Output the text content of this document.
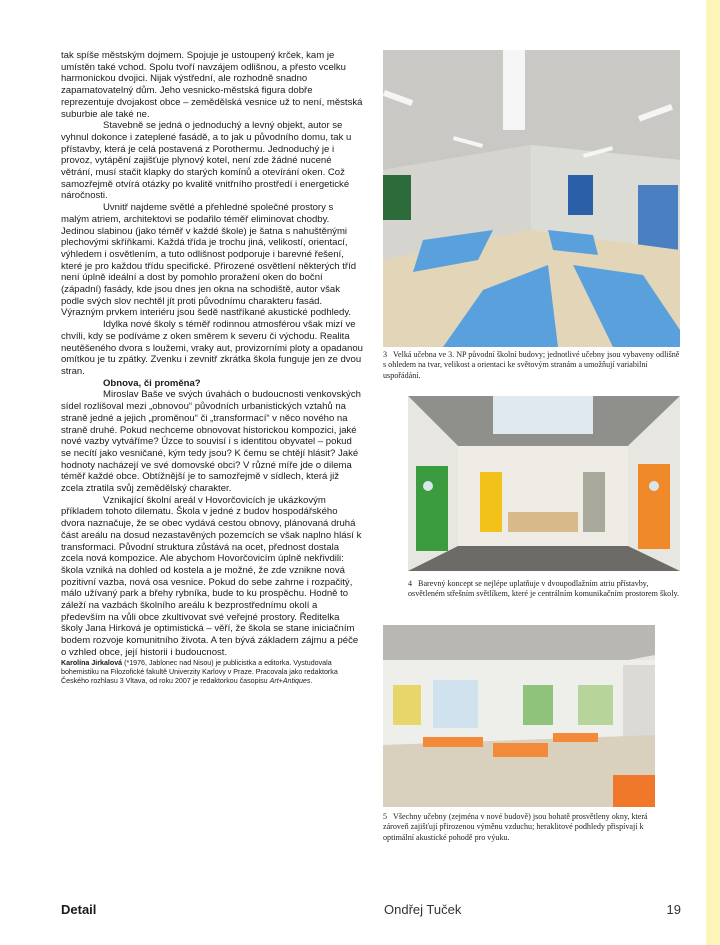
tak spíše městským dojmem. Spojuje je ustoupený krček, kam je umístěn také vchod. Spolu tvoří navzájem odlišnou, a přesto vcelku harmonickou dvojici. Nijak výstřední, ale rozhodně snadno zapamatovatelný dům. Jeho vesnicko-městská figura dobře reprezentuje dvojakost obce – zemědělská vesnice už to není, městská suburbie ale také ne.

Stavebně se jedná o jednoduchý a levný objekt, autor se vyhnul dokonce i zateplené fasádě, a to jak u původního domu, tak u přístavby, která je celá postavená z Porothermu. Jednoduchý je i provoz, vytápění zajišťuje plynový kotel, není zde žádné nucené větrání, musí stačit klapky do starých komínů a otevírání oken. Což samozřejmě otvírá otázky po kvalitě vnitřního prostředí i energetické náročnosti.

Uvnitř najdeme světlé a přehledné společné prostory s malým atriem, architektovi se podařilo téměř eliminovat chodby. Jedinou slabinou (jako téměř v každé škole) je šatna s nahuštěnými plechovými skříňkami. Každá třída je trochu jiná, velikostí, orientací, výhledem i osvětlením, a tuto odlišnost podporuje i barevné řešení, které je pro každou třídu specifické. Přirozené osvětlení některých tříd není úplně ideální a dost by pomohlo proražení oken do boční (západní) fasády, kde jsou dnes jen okna na schodiště, autor však podle svých slov nechtěl jít proti původnímu charakteru fasád. Výrazným prvkem interiéru jsou šedě nastříkané akustické podhledy.

Idylka nové školy s téměř rodinnou atmosférou však mizí ve chvíli, kdy se podíváme z oken směrem k severu či východu. Realita neutěšeného dvora s loužemi, vraky aut, provizorními ploty a opadanou omítkou je tu zpátky. Zvenku i zevnitř zkrátka škola funguje jen ze dvou stran.

Obnova, či proměna?

Miroslav Baše ve svých úvahách o budoucnosti venkovských sídel rozlišoval mezi „obnovou“ původních urbanistických vztahů na straně jedné a jejich „proměnou“ či „transformací“ v něco nového na straně druhé. Pokud nechceme obnovovat historickou kompozici, jaké nové vazby vytváříme? Úzce to souvisí i s identitou obyvatel – pokud se necítí jako vesničané, kým tedy jsou? K čemu se chtějí hlásit? Jaké hodnoty nacházejí ve své domovské obci? V různé míře jde o dilema téměř každé obce. Obtížnější je to samozřejmě v sídlech, která již zcela ztratila svůj zemědělský charakter.

Vznikající školní areál v Hovorčovicích je ukázkovým příkladem tohoto dilematu. Škola v jedné z budov hospodářského dvora naznačuje, že se obec vydává cestou obnovy, plánovaná druhá část areálu na dosud nezastavěných pozemcích se však naplno hlásí k transformaci. Původní struktura zůstává na ocet, přednost dostala zcela nová kompozice. Ale abychom Hovorčovicím úplně nekřivdili: škola vzniká na dohled od kostela a je možné, že zde vznikne nová pozitivní vazba, nová osa vesnice. Pokud do sebe zahrne i rozpačitý, málo užívaný park a břehy rybníka, bude to ku prospěchu. Hodně to záleží na vazbách školního areálu k bezprostřednímu okolí a především na vůli obce zkultivovat své veřejné prostory. Ředitelka školy Jana Hirková je optimistická – věří, že škola se stane iniciačním bodem rozvoje komunitního života. A ten bývá základem zájmu a péče o vzhled obce, její historii i budoucnost.

Karolína Jirkalová (*1976, Jablonec nad Nisou) je publicistka a editorka. Vystudovala bohemistiku na Filozofické fakultě Univerzity Karlovy v Praze. Pracovala jako redaktorka Českého rozhlasu 3 Vltava, od roku 2007 je redaktorkou časopisu Art+Antiques.

3 Velká učebna ve 3. NP původní školní budovy; jednotlivé učebny jsou vybaveny odlišně s ohledem na tvar, velikost a orientaci ke světovým stranám a umožňují variabilní uspořádání.
4 Barevný koncept se nejlépe uplatňuje v dvoupodlažním atriu přístavby, osvětleném střešním světlíkem, které je centrálním komunikačním prostorem školy.
5 Všechny učebny (zejména v nové budově) jsou bohatě prosvětleny okny, která zároveň zajišťují přirozenou výměnu vzduchu; heraklitové podhledy přispívají k optimální akustické pohodě pro výuku.
Detail	Ondřej Tuček	19
